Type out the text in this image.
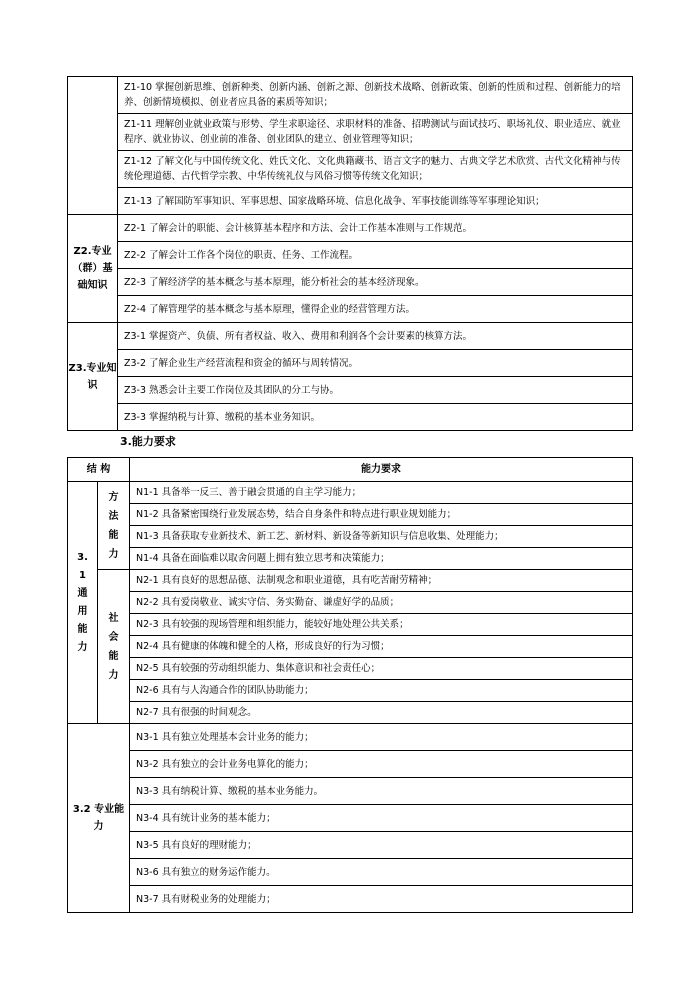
	Z1-10 掌握创新思维、创新种类、创新内涵、创新之源、创新技术战略、创新政策、创新的性质和过程、创新能力的培养、创新情境模拟、创业者应具备的素质等知识；
	Z1-11 理解创业就业政策与形势、学生求职途径、求职材料的准备、招聘测试与面试技巧、职场礼仪、职业适应、就业程序、就业协议、创业前的准备、创业团队的建立、创业管理等知识；
	Z1-12 了解文化与中国传统文化、姓氏文化、文化典籍藏书、语言文字的魅力、古典文学艺术欣赏、古代文化精神与传统伦理道德、古代哲学宗教、中华传统礼仪与风俗习惯等传统文化知识；
	Z1-13 了解国防军事知识、军事思想、国家战略环境、信息化战争、军事技能训练等军事理论知识；
Z2.专业（群）基础知识	Z2-1 了解会计的职能、会计核算基本程序和方法、会计工作基本准则与工作规范。
	Z2-2 了解会计工作各个岗位的职责、任务、工作流程。
	Z2-3 了解经济学的基本概念与基本原理，能分析社会的基本经济现象。
	Z2-4 了解管理学的基本概念与基本原理，懂得企业的经营管理方法。
Z3.专业知识	Z3-1 掌握资产、负债、所有者权益、收入、费用和利润各个会计要素的核算方法。
	Z3-2 了解企业生产经营流程和资金的循环与周转情况。
	Z3-3 熟悉会计主要工作岗位及其团队的分工与协。
	Z3-3 掌握纳税与计算、缴税的基本业务知识。
3.能力要求
结 构		能力要求
3.1 通用能力	方法能力	N1-1 具备举一反三、善于融会贯通的自主学习能力；
		N1-2 具备紧密围绕行业发展态势，结合自身条件和特点进行职业规划能力；
		N1-3 具备获取专业新技术、新工艺、新材料、新设备等新知识与信息收集、处理能力；
		N1-4 具备在面临难以取舍问题上拥有独立思考和决策能力；
	社会能力	N2-1 具有良好的思想品德、法制观念和职业道德，具有吃苦耐劳精神；
		N2-2 具有爱岗敬业、诚实守信、务实勤奋、谦虚好学的品质；
		N2-3 具有较强的现场管理和组织能力，能较好地处理公共关系；
		N2-4 具有健康的体魄和健全的人格，形成良好的行为习惯；
		N2-5 具有较强的劳动组织能力、集体意识和社会责任心；
		N2-6 具有与人沟通合作的团队协助能力；
		N2-7 具有很强的时间观念。
3.2 专业能力		N3-1 具有独立处理基本会计业务的能力；
		N3-2 具有独立的会计业务电算化的能力；
		N3-3 具有纳税计算、缴税的基本业务能力。
		N3-4 具有统计业务的基本能力；
		N3-5 具有良好的理财能力；
		N3-6 具有独立的财务运作能力。
		N3-7 具有财税业务的处理能力；
